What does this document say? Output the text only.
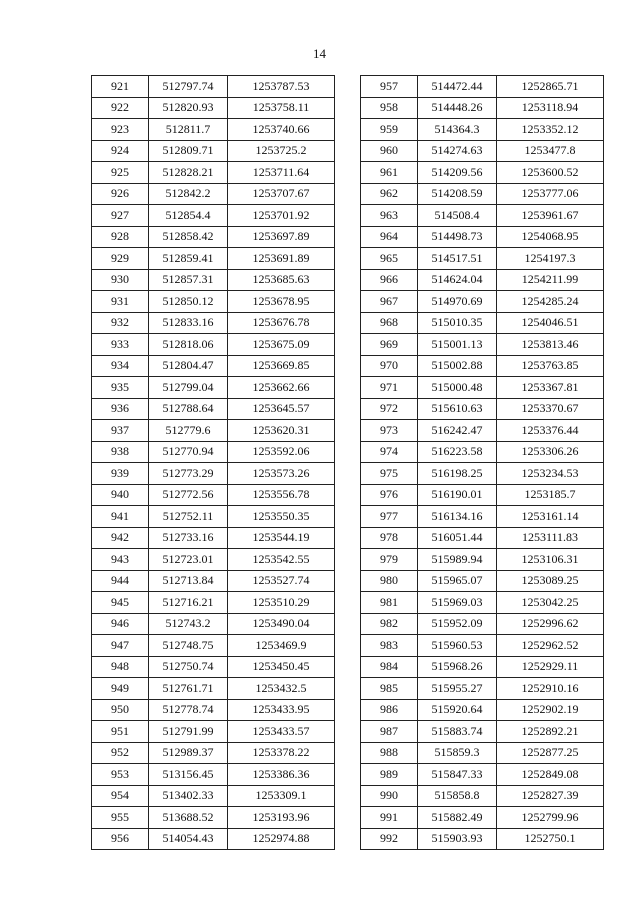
14
921	512797.74	1253787.53
922	512820.93	1253758.11
923	512811.7	1253740.66
924	512809.71	1253725.2
925	512828.21	1253711.64
926	512842.2	1253707.67
927	512854.4	1253701.92
928	512858.42	1253697.89
929	512859.41	1253691.89
930	512857.31	1253685.63
931	512850.12	1253678.95
932	512833.16	1253676.78
933	512818.06	1253675.09
934	512804.47	1253669.85
935	512799.04	1253662.66
936	512788.64	1253645.57
937	512779.6	1253620.31
938	512770.94	1253592.06
939	512773.29	1253573.26
940	512772.56	1253556.78
941	512752.11	1253550.35
942	512733.16	1253544.19
943	512723.01	1253542.55
944	512713.84	1253527.74
945	512716.21	1253510.29
946	512743.2	1253490.04
947	512748.75	1253469.9
948	512750.74	1253450.45
949	512761.71	1253432.5
950	512778.74	1253433.95
951	512791.99	1253433.57
952	512989.37	1253378.22
953	513156.45	1253386.36
954	513402.33	1253309.1
955	513688.52	1253193.96
956	514054.43	1252974.88
957	514472.44	1252865.71
958	514448.26	1253118.94
959	514364.3	1253352.12
960	514274.63	1253477.8
961	514209.56	1253600.52
962	514208.59	1253777.06
963	514508.4	1253961.67
964	514498.73	1254068.95
965	514517.51	1254197.3
966	514624.04	1254211.99
967	514970.69	1254285.24
968	515010.35	1254046.51
969	515001.13	1253813.46
970	515002.88	1253763.85
971	515000.48	1253367.81
972	515610.63	1253370.67
973	516242.47	1253376.44
974	516223.58	1253306.26
975	516198.25	1253234.53
976	516190.01	1253185.7
977	516134.16	1253161.14
978	516051.44	1253111.83
979	515989.94	1253106.31
980	515965.07	1253089.25
981	515969.03	1253042.25
982	515952.09	1252996.62
983	515960.53	1252962.52
984	515968.26	1252929.11
985	515955.27	1252910.16
986	515920.64	1252902.19
987	515883.74	1252892.21
988	515859.3	1252877.25
989	515847.33	1252849.08
990	515858.8	1252827.39
991	515882.49	1252799.96
992	515903.93	1252750.1
